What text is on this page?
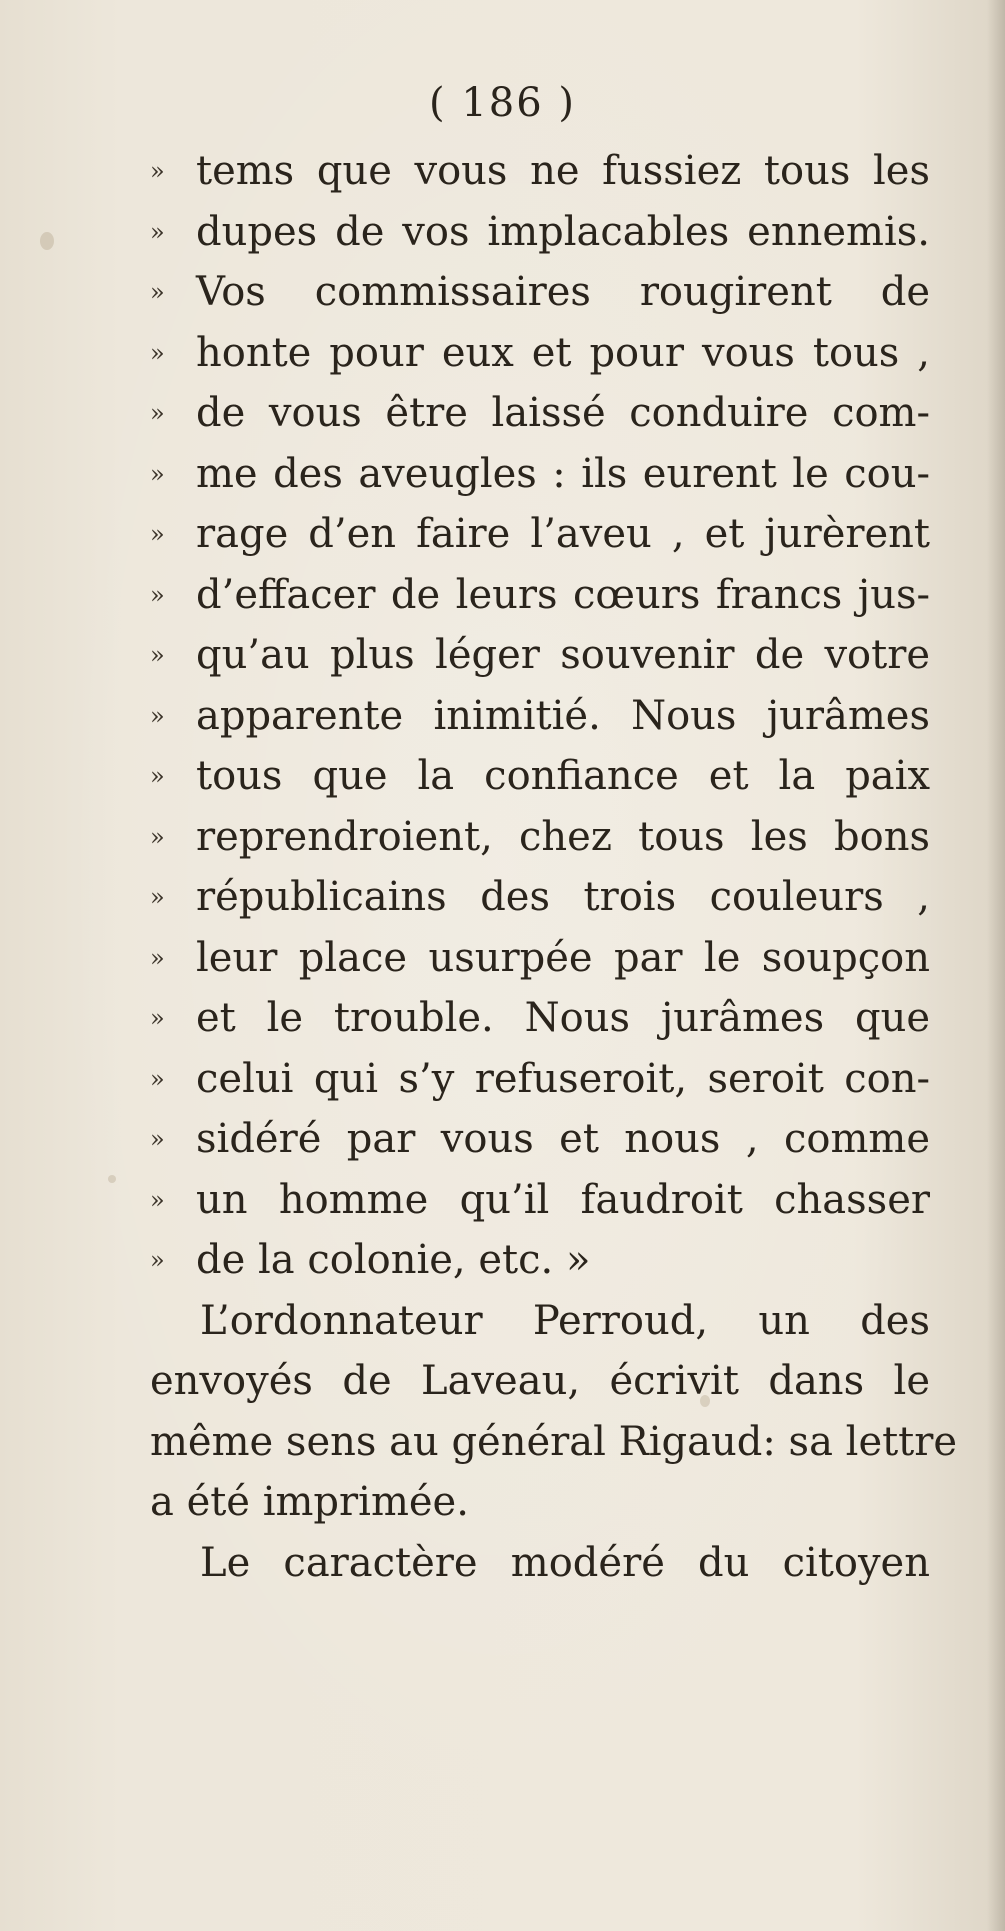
( 186 )
» tems que vous ne fussiez tous les
» dupes de vos implacables ennemis.
» Vos commissaires rougirent de
» honte pour eux et pour vous tous ,
» de vous être laissé conduire com-
» me des aveugles : ils eurent le cou-
» rage d’en faire l’aveu , et jurèrent
» d’effacer de leurs cœurs francs jus-
» qu’au plus léger souvenir de votre
» apparente inimitié. Nous jurâmes
» tous que la confiance et la paix
» reprendroient, chez tous les bons
» républicains des trois couleurs ,
» leur place usurpée par le soupçon
» et le trouble. Nous jurâmes que
» celui qui s’y refuseroit, seroit con-
» sidéré par vous et nous , comme
» un homme qu’il faudroit chasser
» de la colonie, etc. »
L’ordonnateur Perroud, un des
envoyés de Laveau, écrivit dans le
même sens au général Rigaud: sa lettre
a été imprimée.
Le caractère modéré du citoyen
